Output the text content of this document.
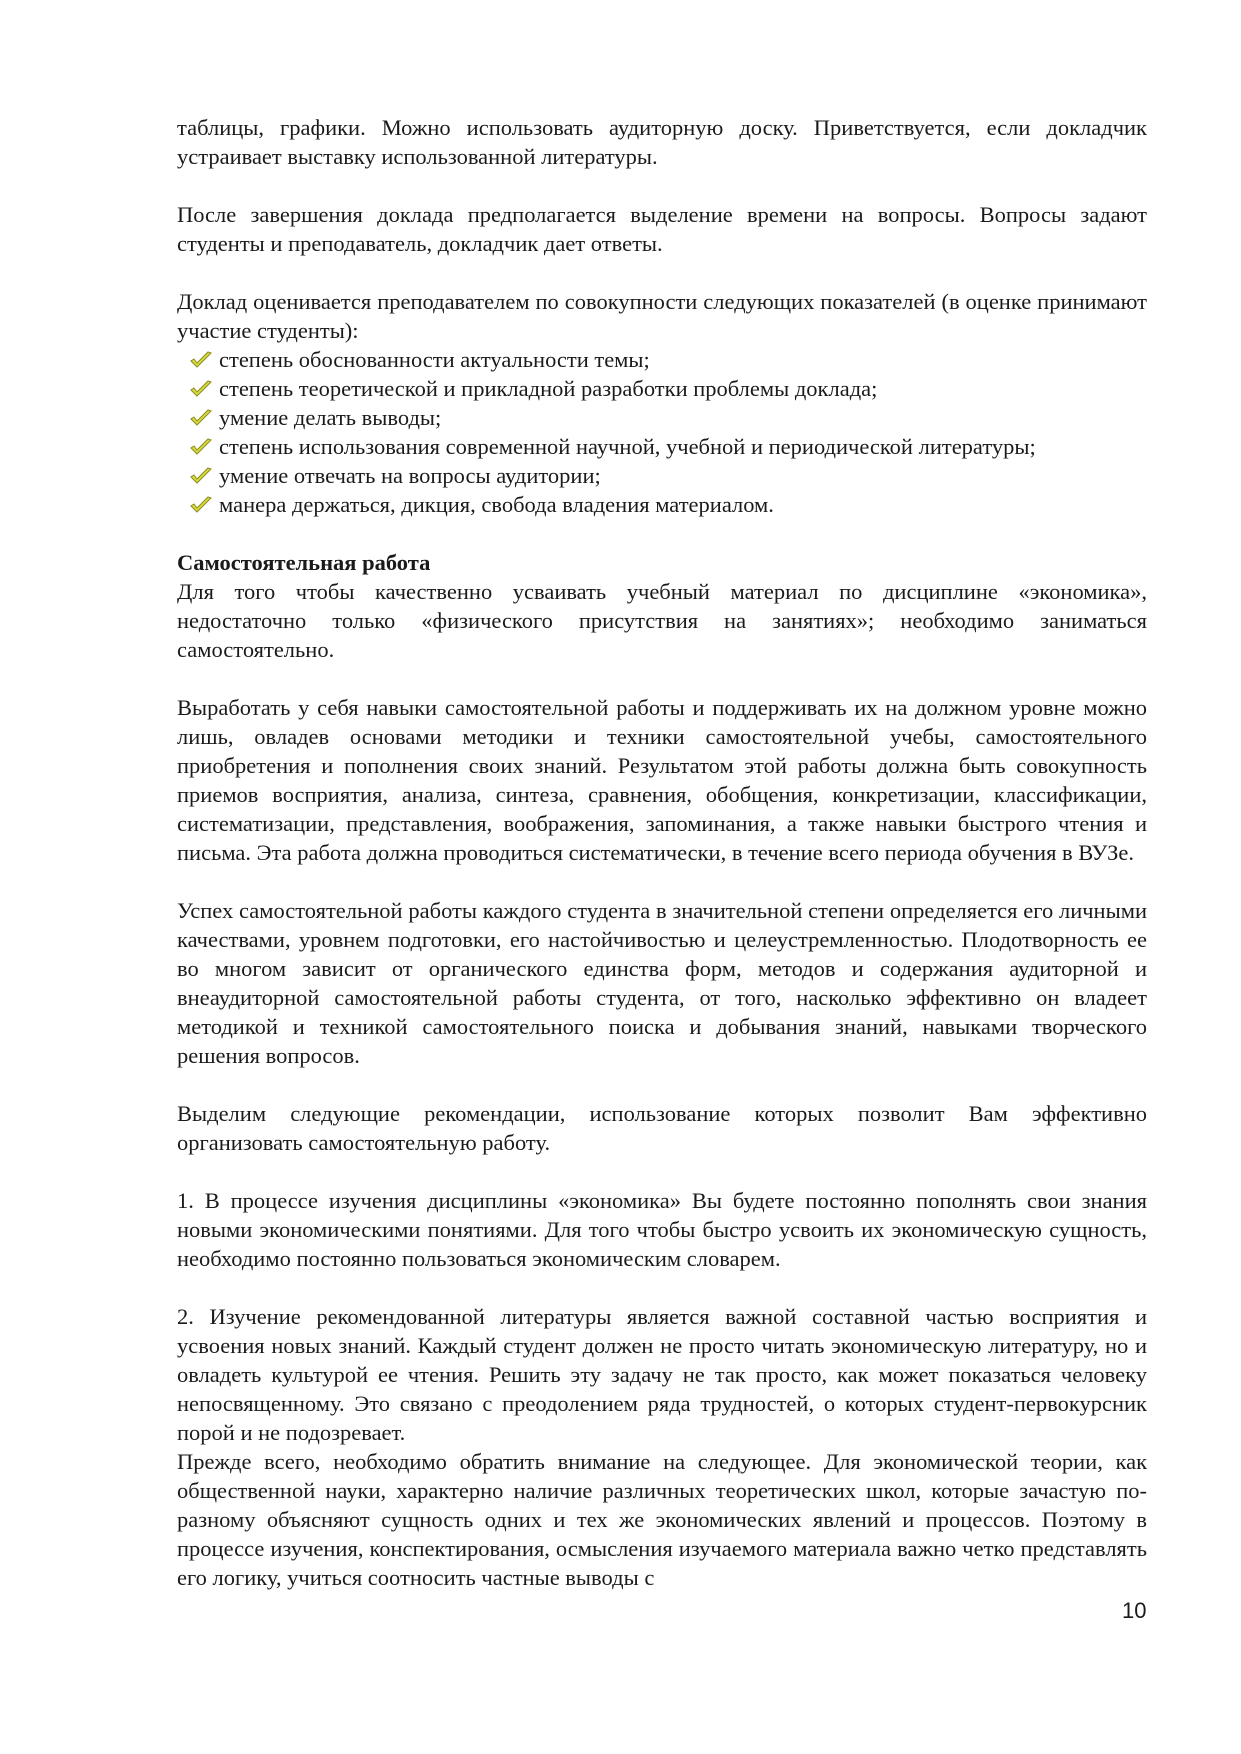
таблицы, графики. Можно использовать аудиторную доску. Приветствуется, если докладчик устраивает выставку использованной литературы.

После завершения доклада предполагается выделение времени на вопросы. Вопросы задают студенты и преподаватель, докладчик дает ответы.

Доклад оценивается преподавателем по совокупности следующих показателей (в оценке принимают участие студенты):

степень обоснованности актуальности темы;
степень теоретической и прикладной разработки проблемы доклада;
умение делать выводы;
степень использования современной научной, учебной и периодической литературы;
умение отвечать на вопросы аудитории;
манера держаться, дикция, свобода владения материалом.

Самостоятельная работа

Для того чтобы качественно усваивать учебный материал по дисциплине «экономика», недостаточно только «физического присутствия на занятиях»; необходимо заниматься самостоятельно.

Выработать у себя навыки самостоятельной работы и поддерживать их на должном уровне можно лишь, овладев основами методики и техники самостоятельной учебы, самостоятельного приобретения и пополнения своих знаний. Результатом этой работы должна быть совокупность приемов восприятия, анализа, синтеза, сравнения, обобщения, конкретизации, классификации, систематизации, представления, воображения, запоминания, а также навыки быстрого чтения и письма. Эта работа должна проводиться систематически, в течение всего периода обучения в ВУЗе.

Успех самостоятельной работы каждого студента в значительной степени определяется его личными качествами, уровнем подготовки, его настойчивостью и целеустремленностью. Плодотворность ее во многом зависит от органического единства форм, методов и содержания аудиторной и внеаудиторной самостоятельной работы студента, от того, насколько эффективно он владеет методикой и техникой самостоятельного поиска и добывания знаний, навыками творческого решения вопросов.

Выделим следующие рекомендации, использование которых позволит Вам эффективно организовать самостоятельную работу.

1. В процессе изучения дисциплины «экономика» Вы будете постоянно пополнять свои знания новыми экономическими понятиями. Для того чтобы быстро усвоить их экономическую сущность, необходимо постоянно пользоваться экономическим словарем.

2. Изучение рекомендованной литературы является важной составной частью восприятия и усвоения новых знаний. Каждый студент должен не просто читать экономическую литературу, но и овладеть культурой ее чтения. Решить эту задачу не так просто, как может показаться человеку непосвященному. Это связано с преодолением ряда трудностей, о которых студент-первокурсник порой и не подозревает.

Прежде всего, необходимо обратить внимание на следующее. Для экономической теории, как общественной науки, характерно наличие различных теоретических школ, которые зачастую по-разному объясняют сущность одних и тех же экономических явлений и процессов. Поэтому в процессе изучения, конспектирования, осмысления изучаемого материала важно четко представлять его логику, учиться соотносить частные выводы с

10
